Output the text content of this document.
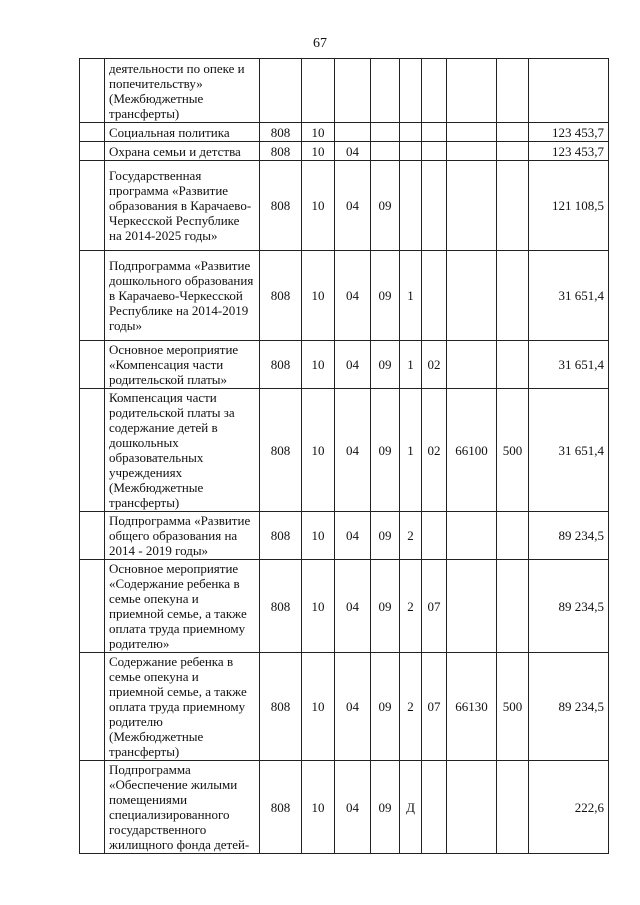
67
	деятельности по опеке и попечительству» (Межбюджетные трансферты)									
	Социальная политика	808	10							123 453,7
	Охрана семьи и детства	808	10	04						123 453,7
	Государственная программа «Развитие образования в Карачаево-Черкесской Республике на 2014-2025 годы»	808	10	04	09					121 108,5
	Подпрограмма «Развитие дошкольного образования в Карачаево-Черкесской Республике на 2014-2019 годы»	808	10	04	09	1				31 651,4
	Основное мероприятие «Компенсация части родительской платы»	808	10	04	09	1	02			31 651,4
	Компенсация части родительской платы за содержание детей в дошкольных образовательных учреждениях (Межбюджетные трансферты)	808	10	04	09	1	02	66100	500	31 651,4
	Подпрограмма «Развитие общего образования на 2014 - 2019 годы»	808	10	04	09	2				89 234,5
	Основное мероприятие «Содержание ребенка в семье опекуна и приемной семье, а также оплата труда приемному родителю»	808	10	04	09	2	07			89 234,5
	Содержание ребенка в семье опекуна и приемной семье, а также оплата труда приемному родителю (Межбюджетные трансферты)	808	10	04	09	2	07	66130	500	89 234,5
	Подпрограмма «Обеспечение жилыми помещениями специализированного государственного жилищного фонда детей-	808	10	04	09	Д				222,6
